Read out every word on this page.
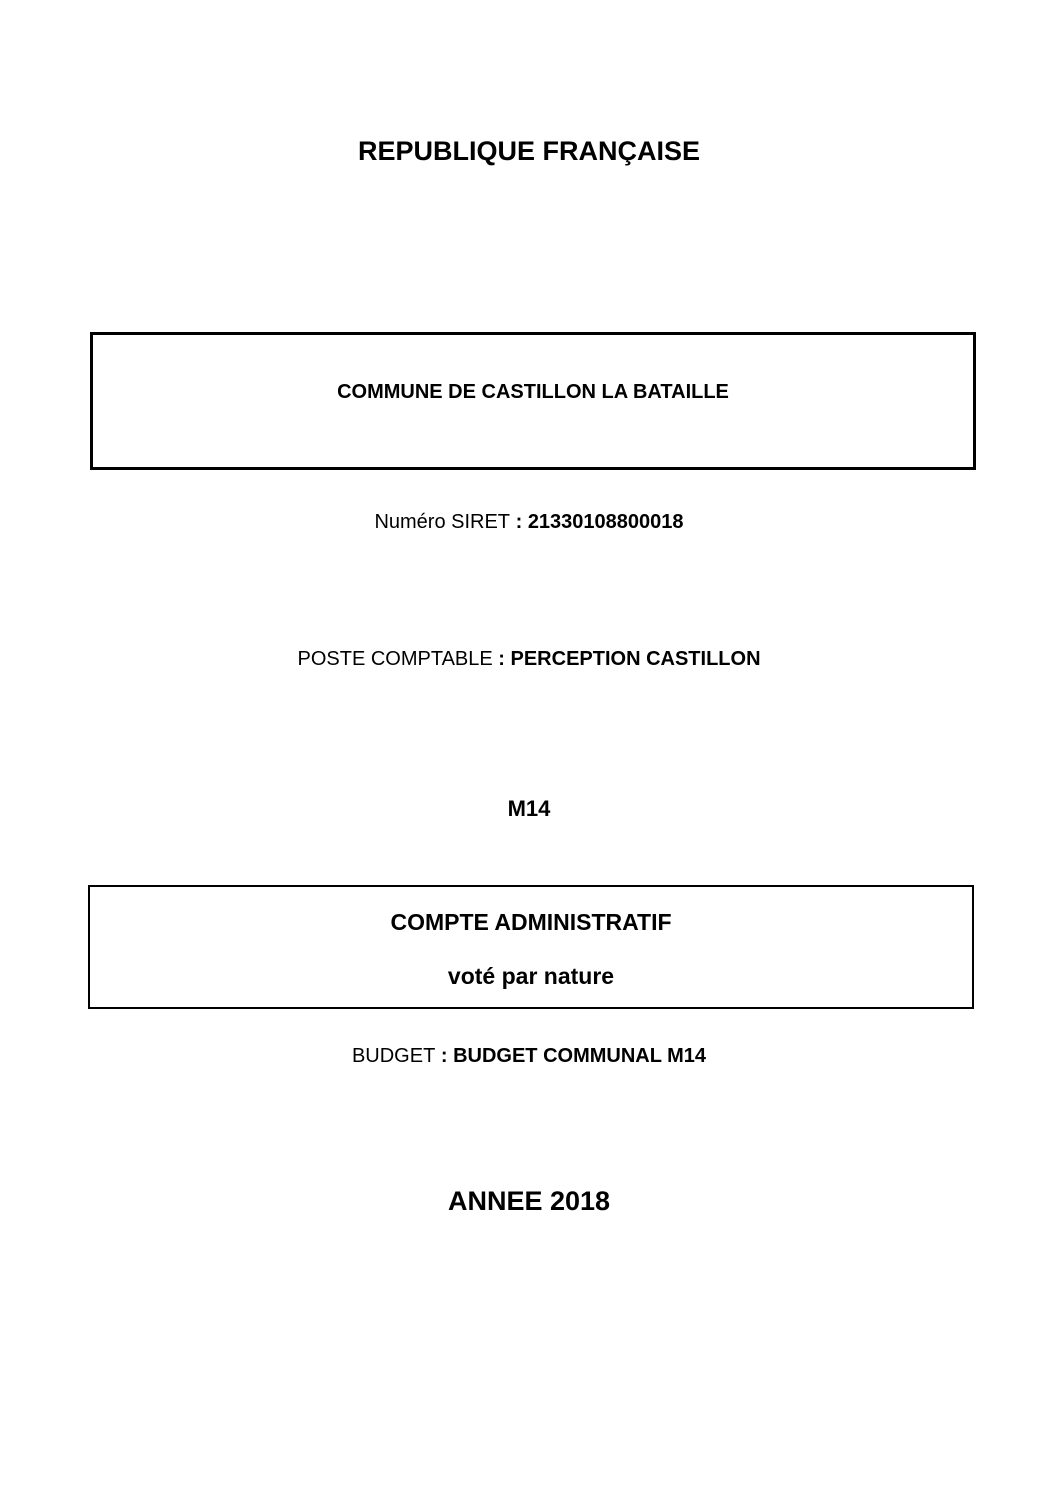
REPUBLIQUE FRANÇAISE
COMMUNE DE CASTILLON LA BATAILLE
Numéro SIRET : 21330108800018
POSTE COMPTABLE : PERCEPTION CASTILLON
M14
COMPTE ADMINISTRATIF
voté par nature
BUDGET : BUDGET COMMUNAL M14
ANNEE 2018
